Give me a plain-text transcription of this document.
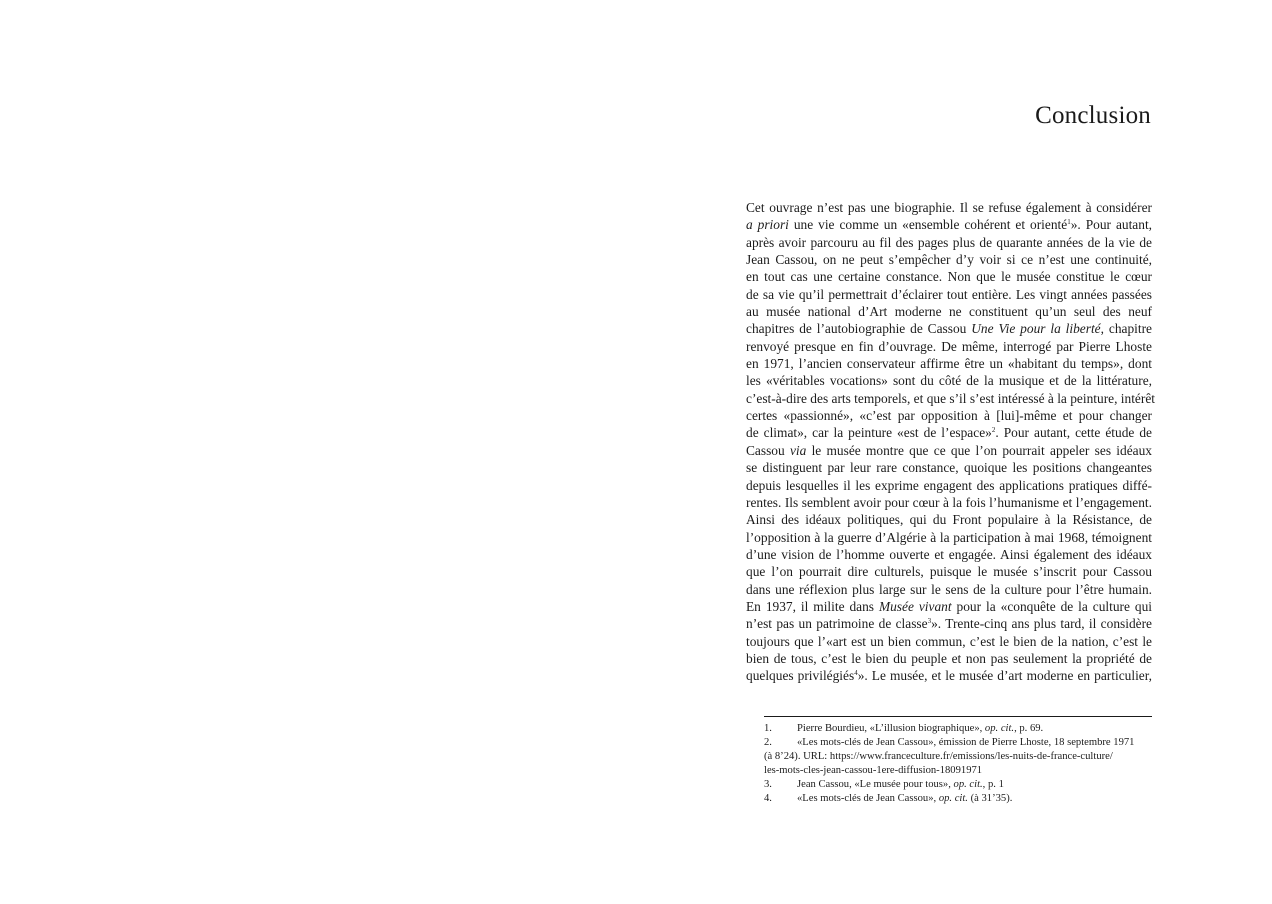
Conclusion
Cet ouvrage n’est pas une biographie. Il se refuse également à considérer
a priori une vie comme un «ensemble cohérent et orienté$^1$». Pour autant,
après avoir parcouru au fil des pages plus de quarante années de la vie de
Jean Cassou, on ne peut s’empêcher d’y voir si ce n’est une continuité,
en tout cas une certaine constance. Non que le musée constitue le cœur
de sa vie qu’il permettrait d’éclairer tout entière. Les vingt années passées
au musée national d’Art moderne ne constituent qu’un seul des neuf
chapitres de l’autobiographie de Cassou Une Vie pour la liberté, chapitre
renvoyé presque en fin d’ouvrage. De même, interrogé par Pierre Lhoste
en 1971, l’ancien conservateur affirme être un «habitant du temps», dont
les «véritables vocations» sont du côté de la musique et de la littérature,
c’est-à-dire des arts temporels, et que s’il s’est intéressé à la peinture, intérêt
certes «passionné», «c’est par opposition à [lui]-même et pour changer
de climat», car la peinture «est de l’espace»$^2$. Pour autant, cette étude de
Cassou via le musée montre que ce que l’on pourrait appeler ses idéaux
se distinguent par leur rare constance, quoique les positions changeantes
depuis lesquelles il les exprime engagent des applications pratiques diffé-
rentes. Ils semblent avoir pour cœur à la fois l’humanisme et l’engagement.
Ainsi des idéaux politiques, qui du Front populaire à la Résistance, de
l’opposition à la guerre d’Algérie à la participation à mai 1968, témoignent
d’une vision de l’homme ouverte et engagée. Ainsi également des idéaux
que l’on pourrait dire culturels, puisque le musée s’inscrit pour Cassou
dans une réflexion plus large sur le sens de la culture pour l’être humain.
En 1937, il milite dans Musée vivant pour la «conquête de la culture qui
n’est pas un patrimoine de classe$^3$». Trente-cinq ans plus tard, il considère
toujours que l’«art est un bien commun, c’est le bien de la nation, c’est le
bien de tous, c’est le bien du peuple et non pas seulement la propriété de
quelques privilégiés$^4$». Le musée, et le musée d’art moderne en particulier,
1. Pierre Bourdieu, «L’illusion biographique», op. cit., p. 69.
2. «Les mots-clés de Jean Cassou», émission de Pierre Lhoste, 18 septembre 1971
(à 8’24). URL: https://www.franceculture.fr/emissions/les-nuits-de-france-culture/
les-mots-cles-jean-cassou-1ere-diffusion-18091971
3. Jean Cassou, «Le musée pour tous», op. cit., p. 1
4. «Les mots-clés de Jean Cassou», op. cit. (à 31’35).
